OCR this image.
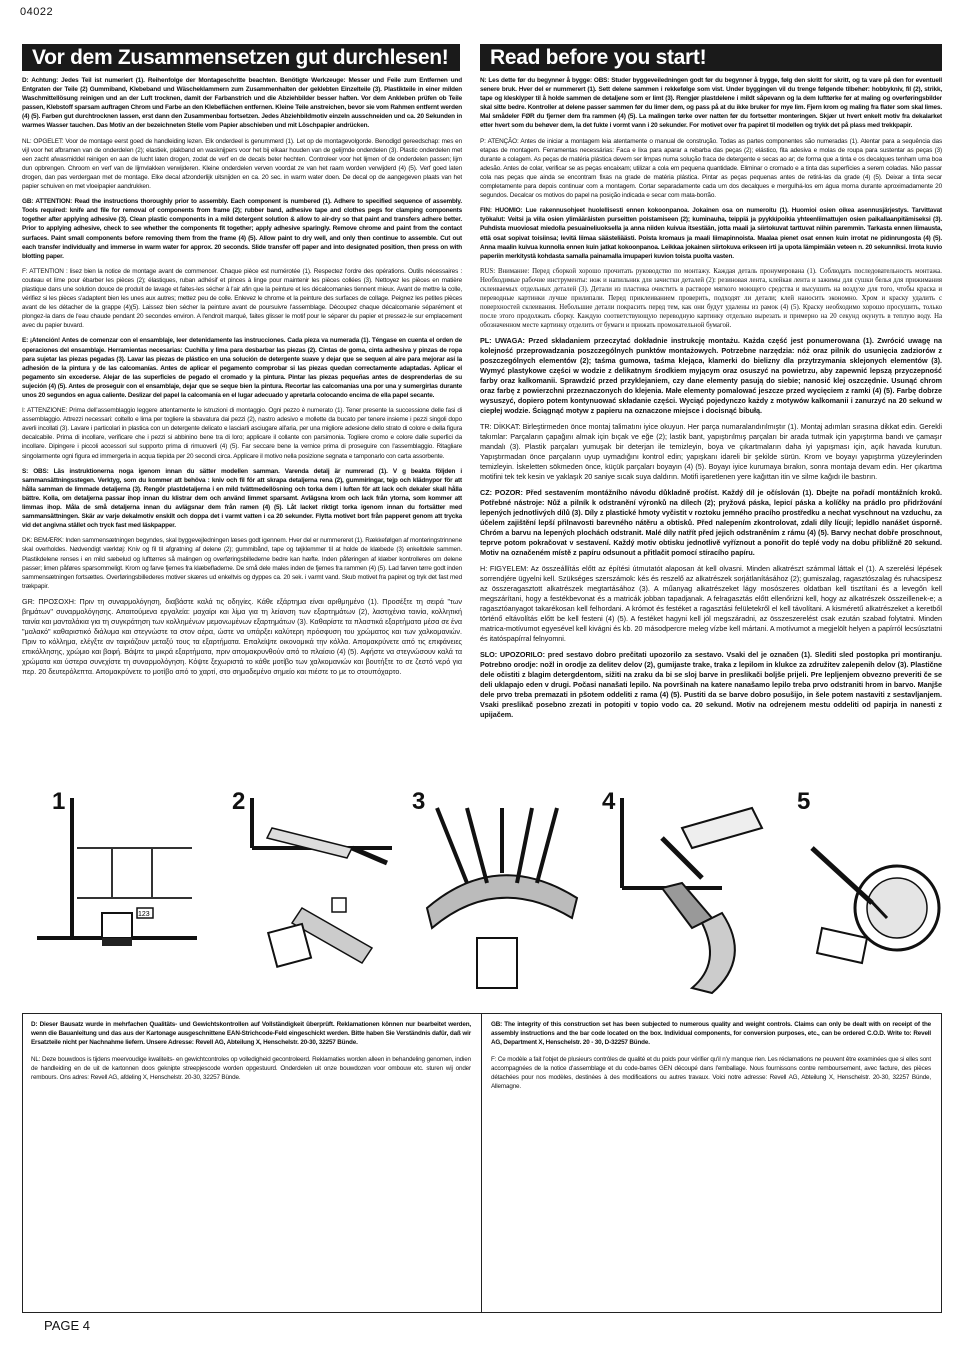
04022
Vor dem Zusammensetzen gut durchlesen!	Read before you start!

D: Achtung: Jedes Teil ist numeriert (1). Reihenfolge der Montageschritte beachten. Benötigte Werkzeuge: Messer und Feile zum Entfernen und Entgraten der Teile (2) Gummiband, Klebeband und Wäscheklammern zum Zusammenhalten der geklebten Einzelteile (3). Plastikteile in einer milden Waschmittellösung reinigen und an der Luft trocknen, damit der Farbanstrich und die Abziehbilder besser haften. Vor dem Ankleben prüfen ob Teile passen, Klebstoff sparsam auftragen Chrom und Farbe an den Klebeflächen entfernen. Kleine Teile anstreichen, bevor sie vom Rahmen entfernt werden (4) (5). Farben gut durchtrocknen lassen, erst dann den Zusammenbau fortsetzen. Jedes Abziehbildmotiv einzeln ausschneiden und ca. 20 Sekunden in warmes Wasser tauchen. Das Motiv an der bezeichneten Stelle vom Papier abschieben und mit Löschpapier andrücken.

NL: OPGELET: Voor de montage eerst goed de handleiding lezen. Elk onderdeel is genummerd (1). Let op de montagevolgorde. Benodigd gereedschap: mes en vijl voor het afbramen van de onderdelen (2); elastiek, plakband en wasknijpers voor het bij elkaar houden van de gelijmde onderdelen (3). Plastic onderdelen met een zacht afwasmiddel reinigen en aan de lucht laten drogen, zodat de verf en de decals beter hechten. Controleer voor het lijmen of de onderdelen passen; lijm dun opbrengen. Chroom en verf van de lijmvlakken verwijderen. Kleine onderdelen verven voordat ze van het raam worden verwijderd (4) (5). Verf goed laten drogen, dan pas verdergaan met de montage. Elke decal afzonderlijk uitsnijden en ca. 20 sec. in warm water doen. De decal op de aangegeven plaats van het papier schuiven en met vloeipapier aandrukken.

GB: ATTENTION: Read the instructions thoroughly prior to assembly. Each component is numbered (1). Adhere to specified sequence of assembly. Tools required: knife and file for removal of components from frame (2); rubber band, adhesive tape and clothes pegs for clamping components together after applying adhesive (3). Clean plastic components in a mild detergent solution & allow to air-dry so that paint and transfers adhere better. Prior to applying adhesive, check to see whether the components fit together; apply adhesive sparingly. Remove chrome and paint from the contact surfaces. Paint small components before removing them from the frame (4) (5). Allow paint to dry well, and only then continue to assemble. Cut out each transfer individually and immerse in warm water for approx. 20 seconds. Slide transfer off paper and into designated position, then press on with blotting paper.

F: ATTENTION : lisez bien la notice de montage avant de commencer. Chaque pièce est numérotée (1). Respectez l'ordre des opérations. Outils nécessaires : couteau et lime pour ébarber les pièces (2); élastiques, ruban adhésif et pinces à linge pour maintenir les pièces collées (3). Nettoyez les pièces en matière plastique dans une solution douce de produit de lavage et faites-les sécher à l'air afin que la peinture et les décalcomanies tiennent mieux. Avant de mettre la colle, vérifiez si les pièces s'adaptent bien les unes aux autres; mettez peu de colle. Enlevez le chrome et la peinture des surfaces de collage. Peignez les petites pièces avant de les détacher de la grappe (4)(5). Laissez bien sécher la peinture avant de poursuivre l'assemblage. Découpez chaque décalcomanie séparément et plongez-la dans de l'eau chaude pendant 20 secondes environ. A l'endroit marqué, faites glisser le motif pour le séparer du papier et pressez-le sur emplacement avec du papier buvard.

E: ¡Atención! Antes de comenzar con el ensamblaje, leer detenidamente las instrucciones. Cada pieza va numerada (1). Téngase en cuenta el orden de operaciones del ensamblaje. Herramientas necesarias: Cuchilla y lima para desbarbar las piezas (2). Cintas de goma, cinta adhesiva y pinzas de ropa para sujetar las piezas pegadas (3). Lavar las piezas de plástico en una solución de detergente suave y dejar que se sequen al aire para mejorar así la adhesión de la pintura y de las calcomanías. Antes de aplicar el pegamento comprobar si las piezas quedan correctamente adaptadas. Aplicar el pegamento sin excederse. Alejar de las superficies de pegado el cromado y la pintura. Pintar las piezas pequeñas antes de desprenderlas de su sujeción (4) (5). Antes de proseguir con el ensamblaje, dejar que se seque bien la pintura. Recortar las calcomanías una por una y sumergirlas durante unos 20 segundos en agua caliente. Deslizar del papel la calcomanía en el lugar adecuado y apretarla colocando encima de ella papel secante.

I: ATTENZIONE: Prima dell'assemblaggio leggere attentamente le istruzioni di montaggio. Ogni pezzo è numerato (1). Tener presente la successione delle fasi di assemblaggio. Attrezzi necessari: coltello e lima per togliere la sbavatura dai pezzi (2), nastro adesivo e mollette da bucato per tenere insieme i pezzi singoli dopo averli incollati (3). Lavare i particolari in plastica con un detergente delicato e lasciarli asciugare all'aria, per una migliore adesione dello strato di colore e della figura decalcabile. Prima di incollare, verificare che i pezzi si abbinino bene tra di loro; applicare il collante con parsimonia. Togliere cromo e colore dalle superfici da incollare. Dipingere i piccoli accessori sul supporto prima di rimuoverli (4) (5). Far seccare bene la vernice prima di proseguire con l'assemblaggio. Ritagliare singolarmente ogni figura ed immergerla in acqua tiepida per 20 secondi circa. Applicare il motivo nella posizione segnata e tamponarlo con carta assorbente.

S: OBS: Läs instruktionerna noga igenom innan du sätter modellen samman. Varenda detalj är numrerad (1). V g beakta följden i sammansättningsstegen. Verktyg, som du kommer att behöva : kniv och fil för att skrapa detaljerna rena (2), gummiringar, tejp och klädnypor för att hålla samman de limmade detaljerna (3). Rengör plastdetaljerna i en mild tvättmedellösning och torka dem i luften för att lack och dekaler skall hålla bättre. Kolla, om detaljerna passar ihop innan du klistrar dem och använd limmet sparsamt. Avlägsna krom och lack från ytorna, som kommer att limmas ihop. Måla de små detaljerna innan du avlägsnar dem från ramen (4) (5). Låt lacket riktigt torka igenom innan du fortsätter med sammansättningen. Skär av varje dekalmotiv enskilt och doppa det i varmt vatten i ca 20 sekunder. Flytta motivet bort från papperet genom att trycka vid det angivna stället och tryck fast med läskpapper.

DK: BEMÆRK: Inden sammensætningen begyndes, skal byggevejledningen læses godt igennem. Hver del er nummereret (1). Rækkefølgen af monteringstrinnene skal overholdes. Nødvendigt værktøj: Kniv og fil til afgratning af delene (2); gummibånd, tape og tøjklemmer til at holde de klæbede (3) enkeltdele sammen. Plastikdelene renses i en mild sæbelud og lufttørres så malingen og overføringsbillederne bedre kan hæfte. Inden påføringen af klæber kontrolleres om delene passer; limen påføres sparsommeligt. Krom og farve fjernes fra klæbefladerne. De små dele males inden de fjernes fra rammen (4) (5). Lad farven tørre godt inden sammensætningen fortsættes. Overføringsbillederes motiver skæres ud enkeltvis og dyppes ca. 20 sek. i varmt vand. Skub motivet fra papiret og tryk det fast med trækpapir.

GR: ΠΡΟΣΟΧΗ: Πριν τη συναρμολόγηση, διαβάστε καλά τις οδηγίες. Κάθε εξάρτημα είναι αριθμημένο (1). Προσέξτε τη σειρά "των βημάτων" συναρμολόγησης. Απαιτούμενα εργαλεία: μαχαίρι και λίμα για τη λείανση των εξαρτημάτων (2), λαστιχένια ταινία, κολλητική ταινία και μανταλάκια για τη συγκράτηση των κολλημένων μεμονωμένων εξαρτημάτων (3). Καθαρίστε τα πλαστικά εξαρτήματα μέσα σε ένα "μαλακό" καθαριστικό διάλυμα και στεγνώστε τα στον αέρα, ώστε να υπάρξει καλύτερη πρόσφυση του χρώματος και των χαλκομανιών. Πριν το κόλλημα, ελέγξτε αν ταιριάζουν μεταξύ τους τα εξαρτήματα. Επαλείψτε οικονομικά την κόλλα. Απομακρύνετε από τις επιφάνειες επικόλλησης, χρώμιο και βαφή. Βάψτε τα μικρά εξαρτήματα, πριν απομακρυνθούν από το πλαίσιο (4) (5). Αφήστε να στεγνώσουν καλά τα χρώματα και ύστερα συνεχίστε τη συναρμολόγηση. Κόψτε ξεχωριστά το κάθε μοτίβο των χαλκομανιών και βουτήξτε το σε ζεστό νερό για περ. 20 δευτερόλεπτα. Απομακρύνετε το μοτίβο από το χαρτί, στο σημαδεμένο σημείο και πιέστε το με το στουπόχαρτο.

N: Les dette før du begynner å bygge: OBS: Studer byggeveiledningen godt før du begynner å bygge, følg den skritt for skritt, og ta vare på den for eventuell senere bruk. Hver del er nummerert (1). Sett delene sammen i rekkefølge som vist. Under byggingen vil du trenge følgende tilbehør: hobbykniv, fil (2), strikk, tape og klesklyper til å holde sammen de detaljene som er limt (3). Rengjør plastdelene i mildt såpevann og la dem lufttørke før at maling og overføringsbilder skal sitte bedre. Kontroller at delene passer sammen før du limer dem, og pass på at du ikke bruker for mye lim. Fjern krom og maling fra flater som skal limes. Mal smådeler FØR du fjerner dem fra rammen (4) (5). La malingen tørke over natten før du fortsetter monteringen. Skjær ut hvert enkelt motiv fra dekalarket etter hvert som du behøver dem, la det fukte i vormt vann i 20 sekunder. For motivet over fra papiret til modellen og trykk det på plass med trekkpapir.

P: ATENÇÃO: Antes de iniciar a montagem leia atentamente o manual de construção. Todas as partes componentes são numeradas (1). Atentar para a sequência das etapas de montagem. Ferramentas necessárias: Faca e lixa para aparar a rebarba das peças (2); elástico, fita adesiva e molas de roupa para sustentar as peças (3) durante a colagem. As peças de matéria plástica devem ser limpas numa solução fraca de detergente e secas ao ar; de forma que a tinta e os decalques tenham uma boa adesão. Antes de colar, verificar se as peças encaixam; utilizar a cola em pequena quantidade. Eliminar o cromado e a tinta das superfícies a serem coladas. Não passar cola nas peças que ainda se encontram fixas na grade de matéria plástica. Pintar as peças pequenas antes de retirá-las da grade (4) (5). Deixar a tinta secar completamente para depois continuar com a montagem. Cortar separadamente cada um dos decalques e mergulhá-los em água morna durante aproximadamente 20 segundos. Decalcar os motivos do papel na posição indicada e secar com mata-borrão.

FIN: HUOMIO: Lue rakennusohjeet huolellisesti ennen kokoonpanoa. Jokainen osa on numeroitu (1). Huomioi osien oikea asennusjärjestys. Tarvittavat työkalut: Veitsi ja viila osien ylimääräisten purseitten poistamiseen (2); kuminauha, teippiä ja pyykkipoikia yhteenliimattujen osien paikallaanpitämiseksi (3). Puhdista muoviosat miedolla pesuaineliuoksella ja anna niiden kuivua itsestään, jotta maali ja siirtokuvat tarttuvat niihin paremmin. Tarkasta ennen liimausta, että osat sopivat toisiinsa; levitä liimaa säästeliäästi. Poista kromaus ja maali liimapinnoista. Maalaa pienet osat ennen kuin irrotat ne pidinrungosta (4) (5). Anna maalin kuivua kunnolla ennen kuin jatkat kokoonpanoa. Leikkaa jokainen siirtokuva erikseen irti ja upota lämpimään veteen n. 20 sekunniksi. Irrota kuvio paperiin merkitystä kohdasta samalla painamalla imupaperi kuvion toista puolta vasten.

RUS: Внимание: Перед сборкой хорошо прочитать руководство по монтажу. Каждая деталь пронумерована (1). Соблюдать последовательность монтажа. Необходимые рабочие инструменты: нож и напильник для зачистки деталей (2): резиновая лента, клейкая лента и зажимы для сушки белья для прижимания склеиваемых отдельных деталей (3). Детали из пластика очистить в растворе мягкого моющего средства и высушить на воздухе для того, чтобы краска и переводные картинки лучше прилипали. Перед приклеиванием проверить, подходят ли детали; клей наносить экономно. Хром и краску удалить с поверхностей склеивания. Небольшие детали покрасить перед тем, как они будут удалены из рамок (4) (5). Краску необходимо хорошо просушить, только после этого продолжать сборку. Каждую соответствующую переводную картинку отдельно вырезать и примерно на 20 секунд окунуть в теплую воду. На обозначенном месте картинку отделить от бумаги и прижать промокательной бумагой.

PL: UWAGA: Przed składaniem przeczytać dokładnie instrukcję montażu. Każda część jest ponumerowana (1). Zwrócić uwagę na kolejność przeprowadzania poszczególnych punktów montażowych. Potrzebne narzędzia: nóż oraz pilnik do usunięcia zadziorów z poszczególnych elementów (2); taśma gumowa, taśma klejąca, klamerki do bielizny dla przytrzymania sklejonych elementów (3). Wymyć plastykowe części w wodzie z delikatnym środkiem myjącym oraz osuszyć na powietrzu, aby zapewnić lepszą przyczepność farby oraz kalkomanii. Sprawdzić przed przyklejaniem, czy dane elementy pasują do siebie; nanosić klej oszczędnie. Usunąć chrom oraz farbę z powierzchni przeznaczonych do klejenia. Małe elementy pomalować jeszcze przed wycięciem z ramki (4) (5). Farbę dobrze wysuszyć, dopiero potem kontynuować składanie części. Wyciąć pojedynczo każdy z motywów kalkomanii i zanurzyć na 20 sekund w ciepłej wodzie. Ściągnąć motyw z papieru na oznaczone miejsce i docisnąć bibułą.

TR: DİKKAT: Birleştirmeden önce montaj talimatını iyice okuyun. Her parça numaralandırılmıştır (1). Montaj adımları sırasına dikkat edin. Gerekli takımlar: Parçaların çapağını almak için bıçak ve eğe (2); lastik bant, yapıştırılmış parçaları bir arada tutmak için yapıştırma bandı ve çamaşır mandalı (3). Plastik parçaları yumuşak bir deterjan ile temizleyin, boya ve çıkartmaların daha iyi yapışması için, açık havada kurutun. Yapıştırmadan önce parçaların uyup uymadığını kontrol edin; yapışkanı idareli bir şekilde sürün. Krom ve boyayı yapıştırma yüzeylerinden temizleyin. İskeletten sökmeden önce, küçük parçaları boyayın (4) (5). Boyayı iyice kurumaya bırakın, sonra montaja devam edin. Her çıkartma motifini tek tek kesin ve yaklaşık 20 saniye sıcak suya daldırın. Motifi işaretlenen yere kağıttan itin ve silme kağıdı ile bastırın.

CZ: POZOR: Před sestavením montážního návodu důkladně pročíst. Každý díl je očíslován (1). Dbejte na pořadí montážních kroků. Potřebné nástroje: Nůž a pilník k odstranění výronků na dílech (2); pryžová páska, lepicí páska a kolíčky na prádlo pro přidržování lepených jednotlivých dílů (3). Díly z plastické hmoty vyčistit v roztoku jemného pracího prostředku a nechat vyschnout na vzduchu, za účelem zajištění lepší přilnavosti barevného nátěru a obtisků. Před nalepením zkontrolovat, zdali díly lícují; lepidlo nanášet úsporně. Chróm a barvu na lepených plochách odstranit. Malé díly natřít před jejich odstraněním z rámu (4) (5). Barvy nechat dobře proschnout, teprve potom pokračovat v sestavení. Každý motiv obtisku jednotlivě vyříznout a ponořit do teplé vody na dobu přibližně 20 sekund. Motiv na označeném místě z papíru odsunout a přitlačit pomocí stíracího papíru.

H: FIGYELEM: Az összeállítás előtt az építési útmutatót alaposan át kell olvasni. Minden alkatrészt számmal láttak el (1). A szerelési lépések sorrendjére ügyelni kell. Szükséges szerszámok: kés és reszelő az alkatrészek sorjátlanításához (2); gumiszalag, ragasztószalag és ruhacsipesz az összeragasztott alkatrészek megtartásához (3). A műanyag alkatrészeket lágy mosószeres oldatban kell tisztítani és a levegőn kell megszárítani, hogy a festékbevonat és a matricák jobban tapadjanak. A felragasztás előtt ellenőrizni kell, hogy az alkatrészek összeillenek-e; a ragasztóanyagot takarékosan kell felhordani. A krómot és festéket a ragasztási felületekről el kell távolítani. A kisméretű alkatrészeket a keretből történő eltávolítás előtt be kell festeni (4) (5). A festéket hagyni kell jól megszáradni, az összeszerelést csak ezután szabad folytatni. Minden matrica-motívumot egyesével kell kivágni és kb. 20 másodpercre meleg vízbe kell mártani. A motívumot a megjelölt helyen a papírról lecsúsztatni és itatóspapírral felnyomni.

SLO: UPOZORILO: pred sestavo dobro prečitati upozorilo za sestavo. Vsaki del je označen (1). Slediti sled postopka pri montiranju. Potrebno orodje: nožl in orodje za delitev delov (2), gumijaste trake, traka z lepilom in klukce za združitev zalepenih delov (3). Plastične dele očistiti z blagim detergdentom, sižiti na zraku da bi se sloj barve in preslikači boljše prijeli. Pre lepljenjem obvezno preveriti če se deli uklapajo eden v drugi. Počasi nanašati lepilo. Na površinah na katere nanašamo lepilo treba prvo odstraniti hrom in barvo. Manjše dele prvo treba premazati in pšotem oddeliti z rama (4) (5). Pustiti da se barve dobro posušijo, in šele potem nastaviti z sestavljanjem. Vsaki preslikač posebno zrezati in potopiti v topio vodo ca. 20 sekund. Motiv na odrejenem mestu oddeliti od papirja in nanesti z upijačem.

1
123
2	3	4	5

D: Dieser Bausatz wurde in mehrfachen Qualitäts- und Gewichtskontrollen auf Vollständigkeit überprüft. Reklamationen können nur bearbeitet werden, wenn die Bauanleitung und das aus der Kartonage ausgeschnittene EAN-Strichcode-Feld eingeschickt werden. Bitte haben Sie Verständnis dafür, daß wir Ersatzteile nicht per Nachnahme liefern. Unsere Adresse: Revell AG, Abteilung X, Henschelstr. 20-30, 32257 Bünde.

NL: Deze bouwdoos is tijdens meervoudige kwaliteits- en gewichtcontroles op volledigheid gecontroleerd. Reklamaties worden alleen in behandeling genomen, indien de handleiding en de uit de kartonnen doos geknipte streepjescode worden opgestuurd. Onderdelen uit onze bouwdozen voor ombouw etc. sturen wij onder rembours. Ons adres: Revell AG, afdeling X, Henschelstr. 20-30, 32257 Bünde.

GB: The integrity of this construction set has been subjected to numerous quality and weight controls. Claims can only be dealt with on receipt of the assembly instructions and the bar code located on the box. Individual components, for conversion purposes, etc., can be ordered C.O.D. Write to: Revell AG, Department X, Henschelstr. 20 - 30, D-32257 Bünde.

F: Ce modèle a fait l'objet de plusieurs contrôles de qualité et du poids pour vérifier qu'il n'y manque rien. Les réclamations ne peuvent être examinées que si elles sont accompagnées de la notice d'assemblage et du code-barres GEN découpé dans l'emballage. Nous fournissons contre remboursement, avec facture, des pièces détachées pour nos modèles, destinées à des modifications ou autres travaux. Voici notre adresse: Revell AG, Abteilung X, Henschelstr. 20-30, 32257 Bünde, Allemagne.

PAGE 4
